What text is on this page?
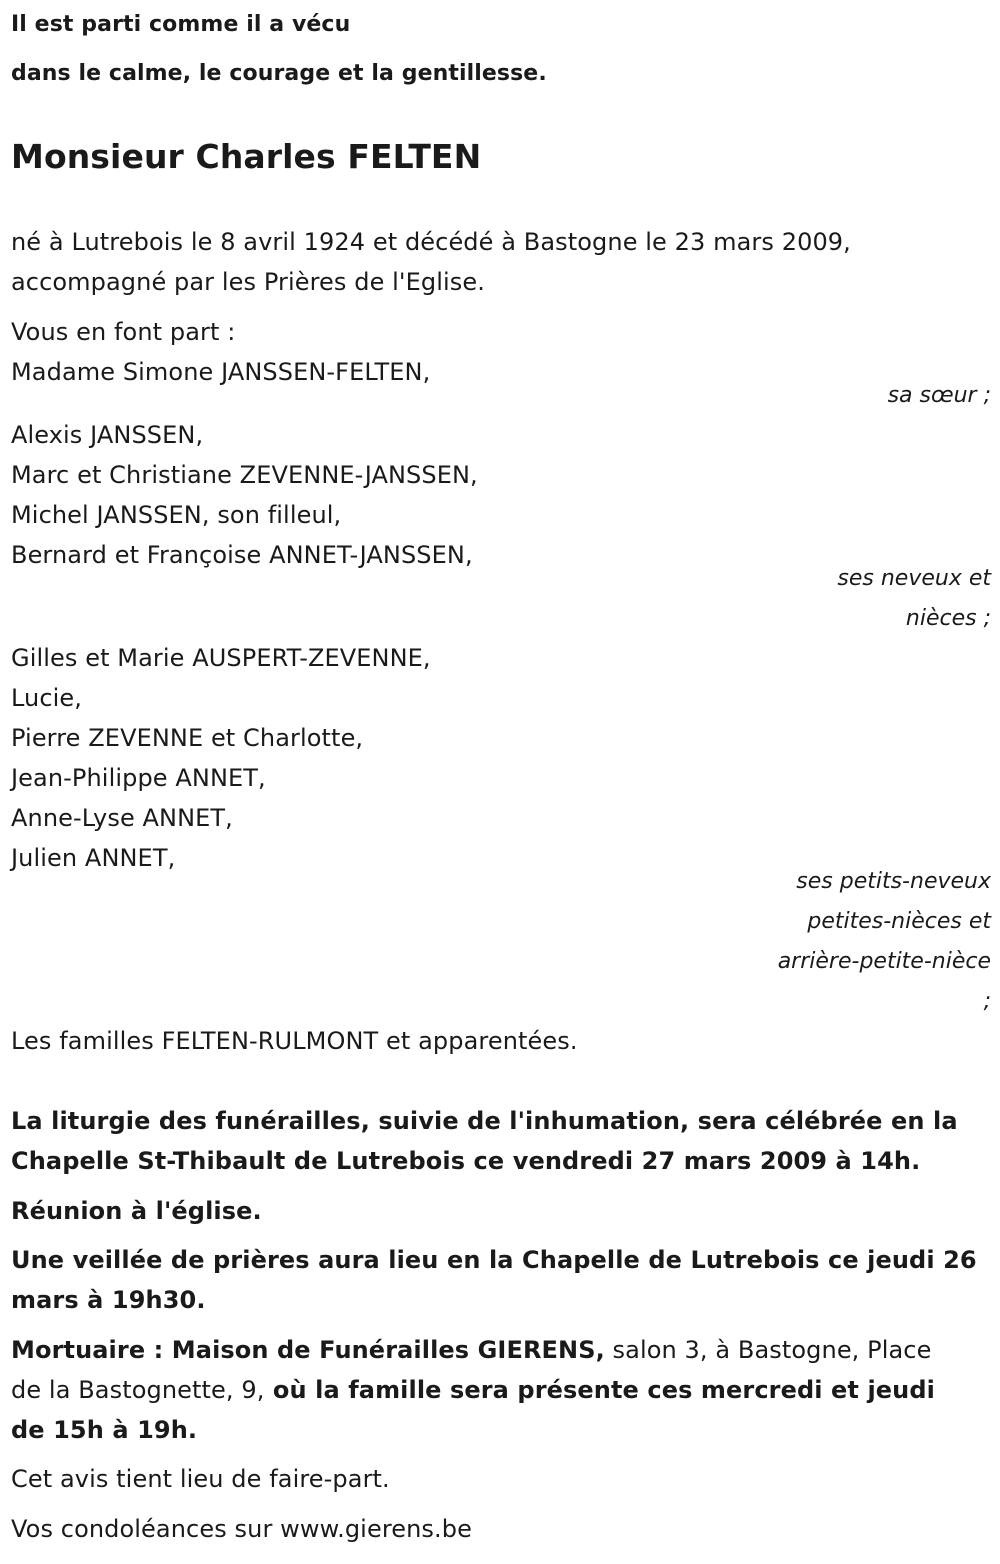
Il est parti comme il a vécu
dans le calme, le courage et la gentillesse.
Monsieur Charles FELTEN
né à Lutrebois le 8 avril 1924 et décédé à Bastogne le 23 mars 2009,
accompagné par les Prières de l'Eglise.
Vous en font part :
Madame Simone JANSSEN-FELTEN,
sa sœur ;
Alexis JANSSEN,
Marc et Christiane ZEVENNE-JANSSEN,
Michel JANSSEN, son filleul,
Bernard et Françoise ANNET-JANSSEN,
ses neveux et
nièces ;
Gilles et Marie AUSPERT-ZEVENNE,
Lucie,
Pierre ZEVENNE et Charlotte,
Jean-Philippe ANNET,
Anne-Lyse ANNET,
Julien ANNET,
ses petits-neveux
petites-nièces et
arrière-petite-nièce
;
Les familles FELTEN-RULMONT et apparentées.
La liturgie des funérailles, suivie de l'inhumation, sera célébrée en la
Chapelle St-Thibault de Lutrebois ce vendredi 27 mars 2009 à 14h.
Réunion à l'église.
Une veillée de prières aura lieu en la Chapelle de Lutrebois ce jeudi 26
mars à 19h30.
Mortuaire : Maison de Funérailles GIERENS, salon 3, à Bastogne, Place
de la Bastognette, 9, où la famille sera présente ces mercredi et jeudi
de 15h à 19h.
Cet avis tient lieu de faire-part.
Vos condoléances sur www.gierens.be
